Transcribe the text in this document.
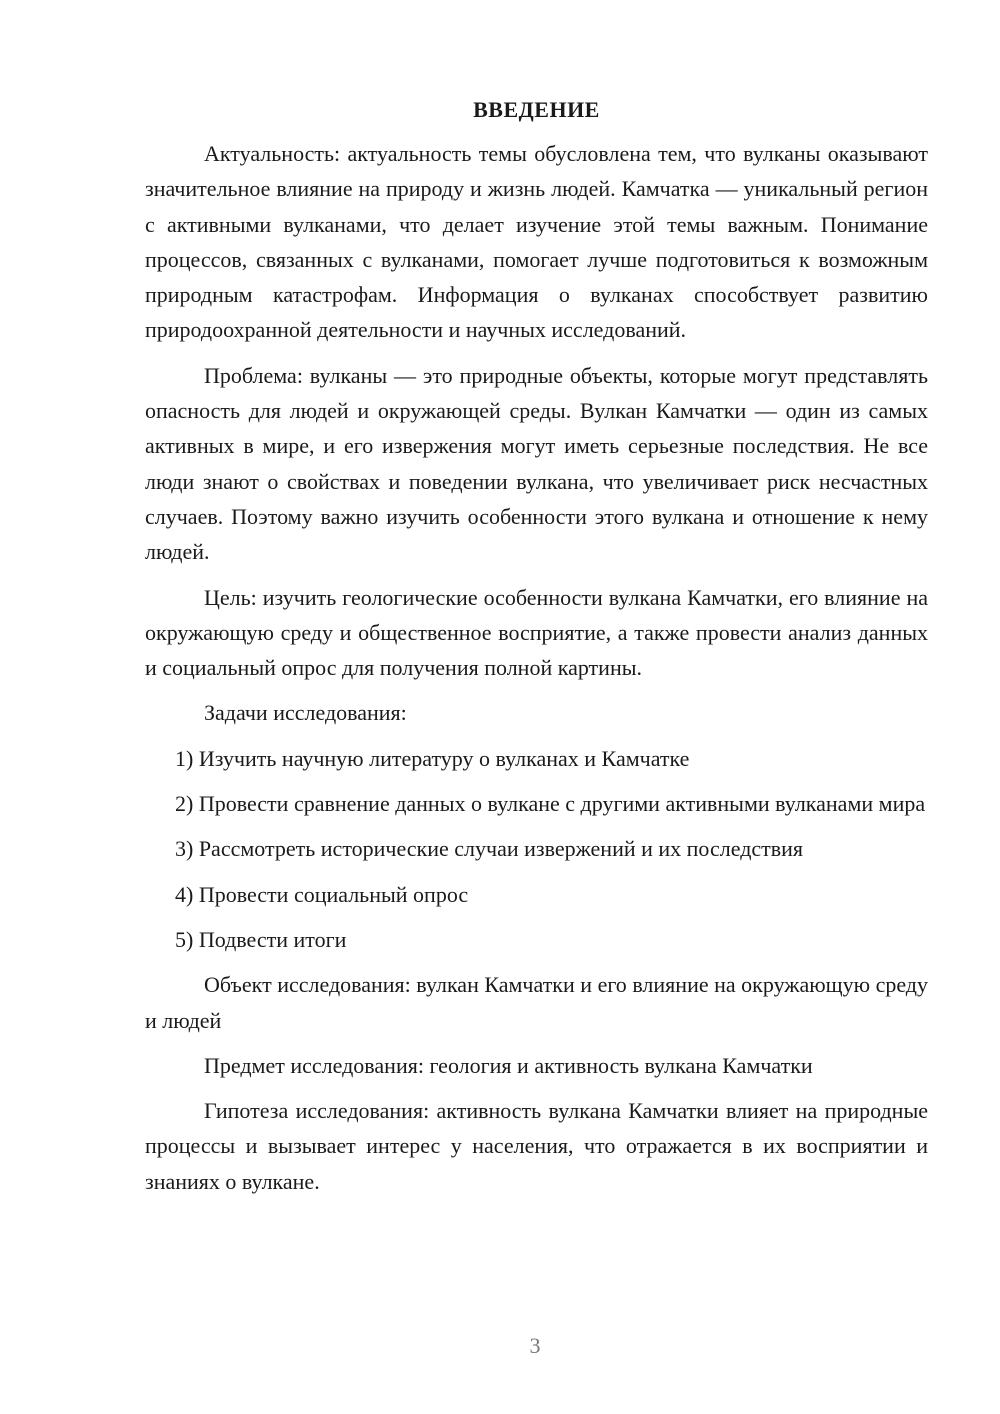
ВВЕДЕНИЕ

Актуальность: актуальность темы обусловлена тем, что вулканы оказывают значительное влияние на природу и жизнь людей. Камчатка — уникальный регион с активными вулканами, что делает изучение этой темы важным. Понимание процессов, связанных с вулканами, помогает лучше подготовиться к возможным природным катастрофам. Информация о вулканах способствует развитию природоохранной деятельности и научных исследований.

Проблема: вулканы — это природные объекты, которые могут представлять опасность для людей и окружающей среды. Вулкан Камчатки — один из самых активных в мире, и его извержения могут иметь серьезные последствия. Не все люди знают о свойствах и поведении вулкана, что увеличивает риск несчастных случаев. Поэтому важно изучить особенности этого вулкана и отношение к нему людей.

Цель: изучить геологические особенности вулкана Камчатки, его влияние на окружающую среду и общественное восприятие, а также провести анализ данных и социальный опрос для получения полной картины.

Задачи исследования:

1) Изучить научную литературу о вулканах и Камчатке

2) Провести сравнение данных о вулкане с другими активными вулканами мира

3) Рассмотреть исторические случаи извержений и их последствия

4) Провести социальный опрос

5) Подвести итоги

Объект исследования: вулкан Камчатки и его влияние на окружающую среду и людей

Предмет исследования: геология и активность вулкана Камчатки

Гипотеза исследования: активность вулкана Камчатки влияет на природные процессы и вызывает интерес у населения, что отражается в их восприятии и знаниях о вулкане.

3
